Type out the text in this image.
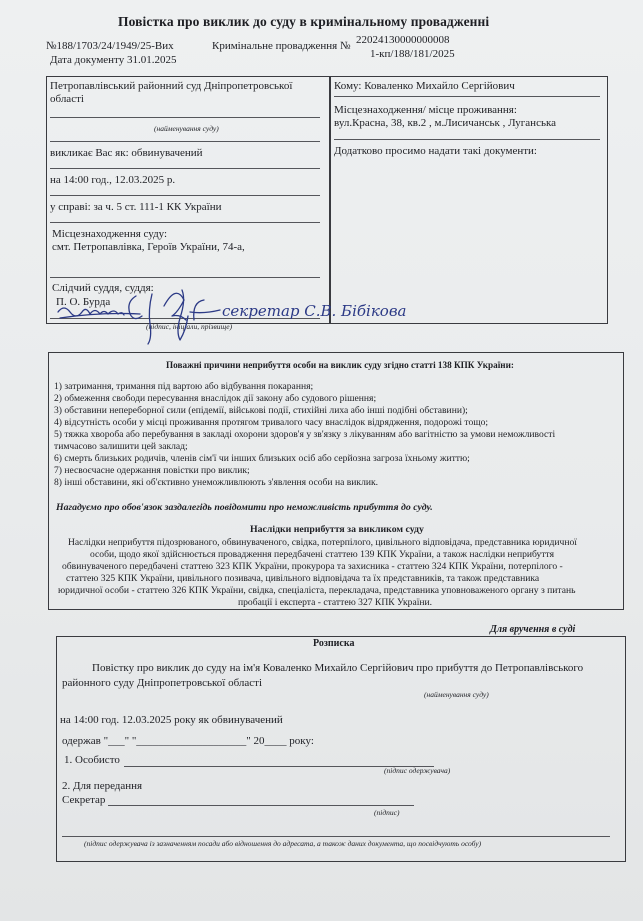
Повістка про виклик до суду в кримінальному провадженні
№188/1703/24/1949/25-Вих	Кримінальне провадження № 22024130000000008
Дата документу 31.01.2025	1-кп/188/181/2025
Петропавлівський районний суд Дніпропетровської
області
(найменування суду)
викликає Вас як: обвинувачений
на 14:00 год., 12.03.2025 р.
у справі: за ч. 5 ст. 111-1 КК України
Місцезнаходження суду:
смт. Петропавлівка, Героїв України, 74-а,
Слідчий суддя, суддя:
П. О. Бурда
(підпис, ініціали, прізвище)
секретар С.В. Бібікова
Кому: Коваленко Михайло Сергійович
Місцезнаходження/ місце проживання:
вул.Красна, 38, кв.2 , м.Лисичанськ , Луганська
Додатково просимо надати такі документи:
Поважні причини неприбуття особи на виклик суду згідно статті 138 КПК України:
1) затримання, тримання під вартою або відбування покарання;
2) обмеження свободи пересування внаслідок дії закону або судового рішення;
3) обставини непереборної сили (епідемії, військові події, стихійні лиха або інші подібні обставини);
4) відсутність особи у місці проживання протягом тривалого часу внаслідок відрядження, подорожі тощо;
5) тяжка хвороба або перебування в закладі охорони здоров'я у зв'язку з лікуванням або вагітністю за умови неможливості
тимчасово залишити цей заклад;
6) смерть близьких родичів, членів сім'ї чи інших близьких осіб або серйозна загроза їхньому життю;
7) несвоєчасне одержання повістки про виклик;
8) інші обставини, які об'єктивно унеможливлюють з'явлення особи на виклик.
Нагадуємо про обов'язок заздалегідь повідомити про неможливість прибуття до суду.
Наслідки неприбуття за викликом суду
Наслідки неприбуття підозрюваного, обвинуваченого, свідка, потерпілого, цивільного відповідача, представника юридичної
особи, щодо якої здійснюється провадження передбачені статтею 139 КПК України, а також наслідки неприбуття
обвинуваченого передбачені статтею 323 КПК України, прокурора та захисника - статтею 324 КПК України, потерпілого -
статтею 325 КПК України, цивільного позивача, цивільного відповідача та їх представників, та також представника
юридичної особи - статтею 326 КПК України, свідка, спеціаліста, перекладача, представника уповноваженого органу з питань
пробації і експерта - статтею 327 КПК України.
Для вручення в суді
Розписка
Повістку про виклик до суду на ім'я Коваленко Михайло Сергійович про прибуття до Петропавлівського
районного суду Дніпропетровської області
(найменування суду)
на 14:00 год. 12.03.2025 року як обвинувачений
одержав "___" "____________________" 20____ року:
1. Особисто
(підпис одержувача)
2. Для передання
Секретар
(підпис)
(підпис одержувача із зазначенням посади або відношення до адресата, а також даних документа, що посвідчують особу)
